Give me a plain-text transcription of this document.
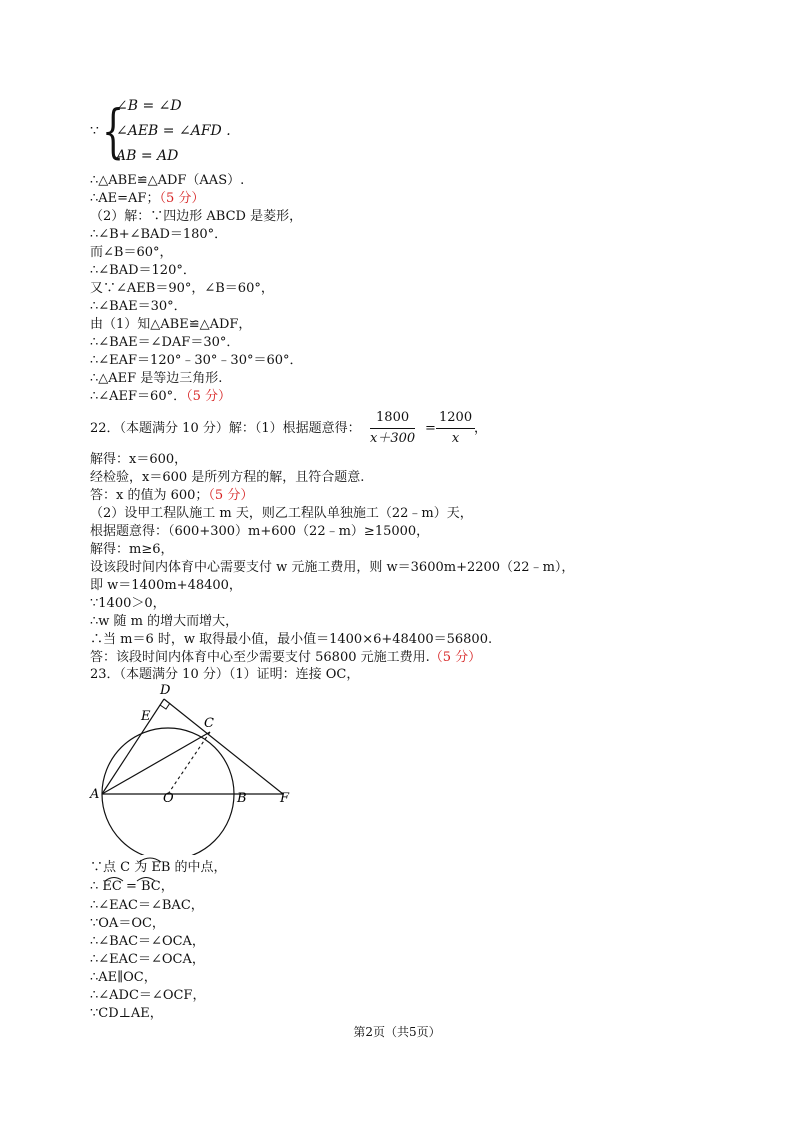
∵ {
∠B = ∠D
∠AEB = ∠AFD .
AB = AD
∴△ABE≌△ADF（AAS）.
∴AE=AF；（5 分）
（2）解：∵四边形 ABCD 是菱形，
∴∠B+∠BAD＝180°．
而∠B＝60°，
∴∠BAD＝120°．
又∵∠AEB＝90°，∠B＝60°，
∴∠BAE＝30°．
由（1）知△ABE≌△ADF，
∴∠BAE＝∠DAF＝30°．
∴∠EAF＝120°﹣30°﹣30°＝60°．
∴△AEF 是等边三角形.
∴∠AEF＝60°．（5 分）
22．（本题满分 10 分）解：（1）根据题意得： $\frac{1800}{x+300} = \frac{1200}{x}$
，
解得：x＝600，
经检验，x＝600 是所列方程的解，且符合题意.
答：x 的值为 600；（5 分）
（2）设甲工程队施工 m 天，则乙工程队单独施工（22﹣m）天，
根据题意得：（600+300）m+600（22﹣m）≥15000，
解得：m≥6，
设该段时间内体育中心需要支付 w 元施工费用，则 w＝3600m+2200（22﹣m），
即 w＝1400m+48400，
∵1400＞0，
∴w 随 m 的增大而增大，
∴当 m＝6 时，w 取得最小值，最小值＝1400×6+48400＝56800.
答：该段时间内体育中心至少需要支付 56800 元施工费用.（5 分）
23．（本题满分 10 分）（1）证明：连接 OC，
D
E	C
A	O	B	F
∵点 C 为 EB 的中点，
∴ EC = BC，
∴∠EAC＝∠BAC，
∵OA＝OC，
∴∠BAC＝∠OCA，
∴∠EAC＝∠OCA，
∴AE∥OC，
∴∠ADC＝∠OCF，
∵CD⊥AE，
第2页（共5页）
